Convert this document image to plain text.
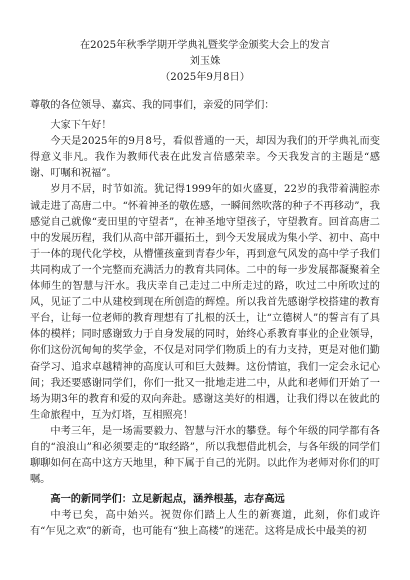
在2025年秋季学期开学典礼暨奖学金颁奖大会上的发言
刘玉姝
（2025年9月8日）

尊敬的各位领导、嘉宾、我的同事们，亲爱的同学们：

大家下午好！

今天是2025年的9月8号，看似普通的一天，却因为我们的开学典礼而变得意义非凡。我作为教师代表在此发言倍感荣幸。今天我发言的主题是“感谢、叮嘱和祝福”。

岁月不居，时节如流。犹记得1999年的如火盛夏，22岁的我带着满腔赤诚走进了高唐二中。“怀着神圣的敬佐感，一瞬间然吹落的种子不再移动”，我感觉自己就像“麦田里的守望者”，在神圣地守望孩子，守望教育。回首高唐二中的发展历程，我们从高中部开疆拓土，到今天发展成为集小学、初中、高中于一体的现代化学校，从懵懂孩童到青春少年，再到意气风发的高中学子我们共同构成了一个完整而充满活力的教育共同体。二中的每一步发展都凝聚着全体师生的智慧与汗水。我庆幸自己走过二中所走过的路，吹过二中所吹过的风，见证了二中从建校到现在所创造的辉煌。所以我首先感谢学校搭建的教育平台，让每一位老师的教育理想有了扎根的沃土，让“立德树人”的誓言有了具体的模样；同时感谢致力于自身发展的同时，始终心系教育事业的企业领导，你们这份沉甸甸的奖学金，不仅是对同学们物质上的有力支持，更是对他们勤奋学习、追求卓越精神的高度认可和巨大鼓舞。这份情谊，我们一定会永记心间；我还要感谢同学们，你们一批又一批地走进二中，从此和老师们开始了一场为期3年的教育和爱的双向奔赴。感谢这美好的相遇，让我们得以在彼此的生命旅程中，互为灯塔，互相照亮！

中考三年，是一场需要毅力、智慧与汗水的攀登。每个年级的同学都有各自的“浪浪山”和必须要走的“取经路”，所以我想借此机会，与各年级的同学们聊聊如何在高中这方天地里，种下属于自己的光阴。以此作为老师对你们的叮嘱。

高一的新同学们：立足新起点，涵养根基，志存高远

中考已矣，高中始兴。祝贺你们踏上人生的新赛道，此刻，你们或许有“乍见之欢”的新奇，也可能有“独上高楼”的迷茫。这将是成长中最美的初
